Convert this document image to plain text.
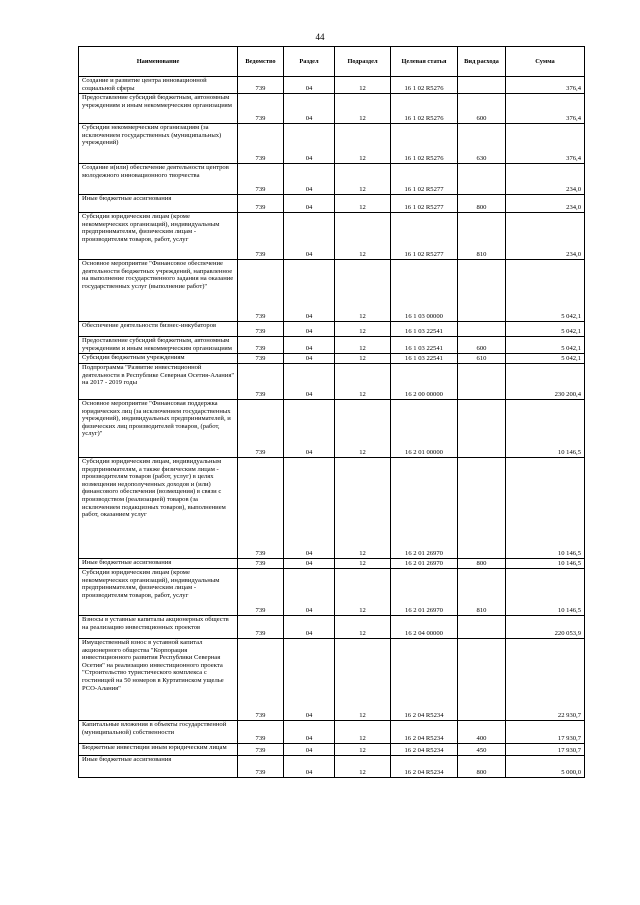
44
Наименование	Ведомство	Раздел	Подраздел	Целевая статья	Вид расхода	Сумма
Создание и развитие центра инновационной социальной сферы	739	04	12	16 1 02 R5276		376,4
Предоставление субсидий бюджетным, автономным учреждениям и иным некоммерческим организациям	739	04	12	16 1 02 R5276	600	376,4
Субсидии некоммерческим организациям (за исключением государственных (муниципальных) учреждений)	739	04	12	16 1 02 R5276	630	376,4
Создание и(или) обеспечение деятельности центров молодежного инновационного творчества	739	04	12	16 1 02 R5277		234,0
Иные бюджетные ассигнования	739	04	12	16 1 02 R5277	800	234,0
Субсидии юридическим лицам (кроме некоммерческих организаций), индивидуальным предпринимателям, физическим лицам - производителям товаров, работ, услуг	739	04	12	16 1 02 R5277	810	234,0
Основное мероприятие "Финансовое обеспечение деятельности бюджетных учреждений, направленное на выполнение государственного задания на оказание государственных услуг (выполнение работ)"	739	04	12	16 1 03 00000		5 042,1
Обеспечение деятельности бизнес-инкубаторов	739	04	12	16 1 03 22541		5 042,1
Предоставление субсидий бюджетным, автономным учреждениям и иным некоммерческим организациям	739	04	12	16 1 03 22541	600	5 042,1
Субсидии бюджетным учреждениям	739	04	12	16 1 03 22541	610	5 042,1
Подпрограмма "Развитие инвестиционной деятельности в Республике Северная Осетия-Алания" на 2017 - 2019 годы	739	04	12	16 2 00 00000		230 200,4
Основное мероприятие "Финансовая поддержка юридических лиц (за исключением государственных учреждений), индивидуальных предпринимателей, и физических лиц производителей товаров, (работ, услуг)"	739	04	12	16 2 01 00000		10 146,5
Субсидии юридическим лицам, индивидуальным предпринимателям, а также физическим лицам - производителям товаров (работ, услуг) в целях возмещения недополученных доходов и (или) финансового обеспечения (возмещения) в связи с производством (реализацией) товаров (за исключением подакцизных товаров), выполнением работ, оказанием услуг	739	04	12	16 2 01 26970		10 146,5
Иные бюджетные ассигнования	739	04	12	16 2 01 26970	800	10 146,5
Субсидии юридическим лицам (кроме некоммерческих организаций), индивидуальным предпринимателям, физическим лицам - производителям товаров, работ, услуг	739	04	12	16 2 01 26970	810	10 146,5
Взносы в уставные капиталы акционерных обществ на реализацию инвестиционных проектов	739	04	12	16 2 04 00000		220 053,9
Имущественный взнос в уставной капитал акционерного общества "Корпорация инвестиционного развития Республики Северная Осетия" на реализацию инвестиционного проекта "Строительство туристического комплекса с гостиницей на 50 номеров в Куртатинском ущелье РСО-Алания"	739	04	12	16 2 04 R5234		22 930,7
Капитальные вложения в объекты государственной (муниципальной) собственности	739	04	12	16 2 04 R5234	400	17 930,7
Бюджетные инвестиции иным юридическим лицам	739	04	12	16 2 04 R5234	450	17 930,7
Иные бюджетные ассигнования	739	04	12	16 2 04 R5234	800	5 000,0
